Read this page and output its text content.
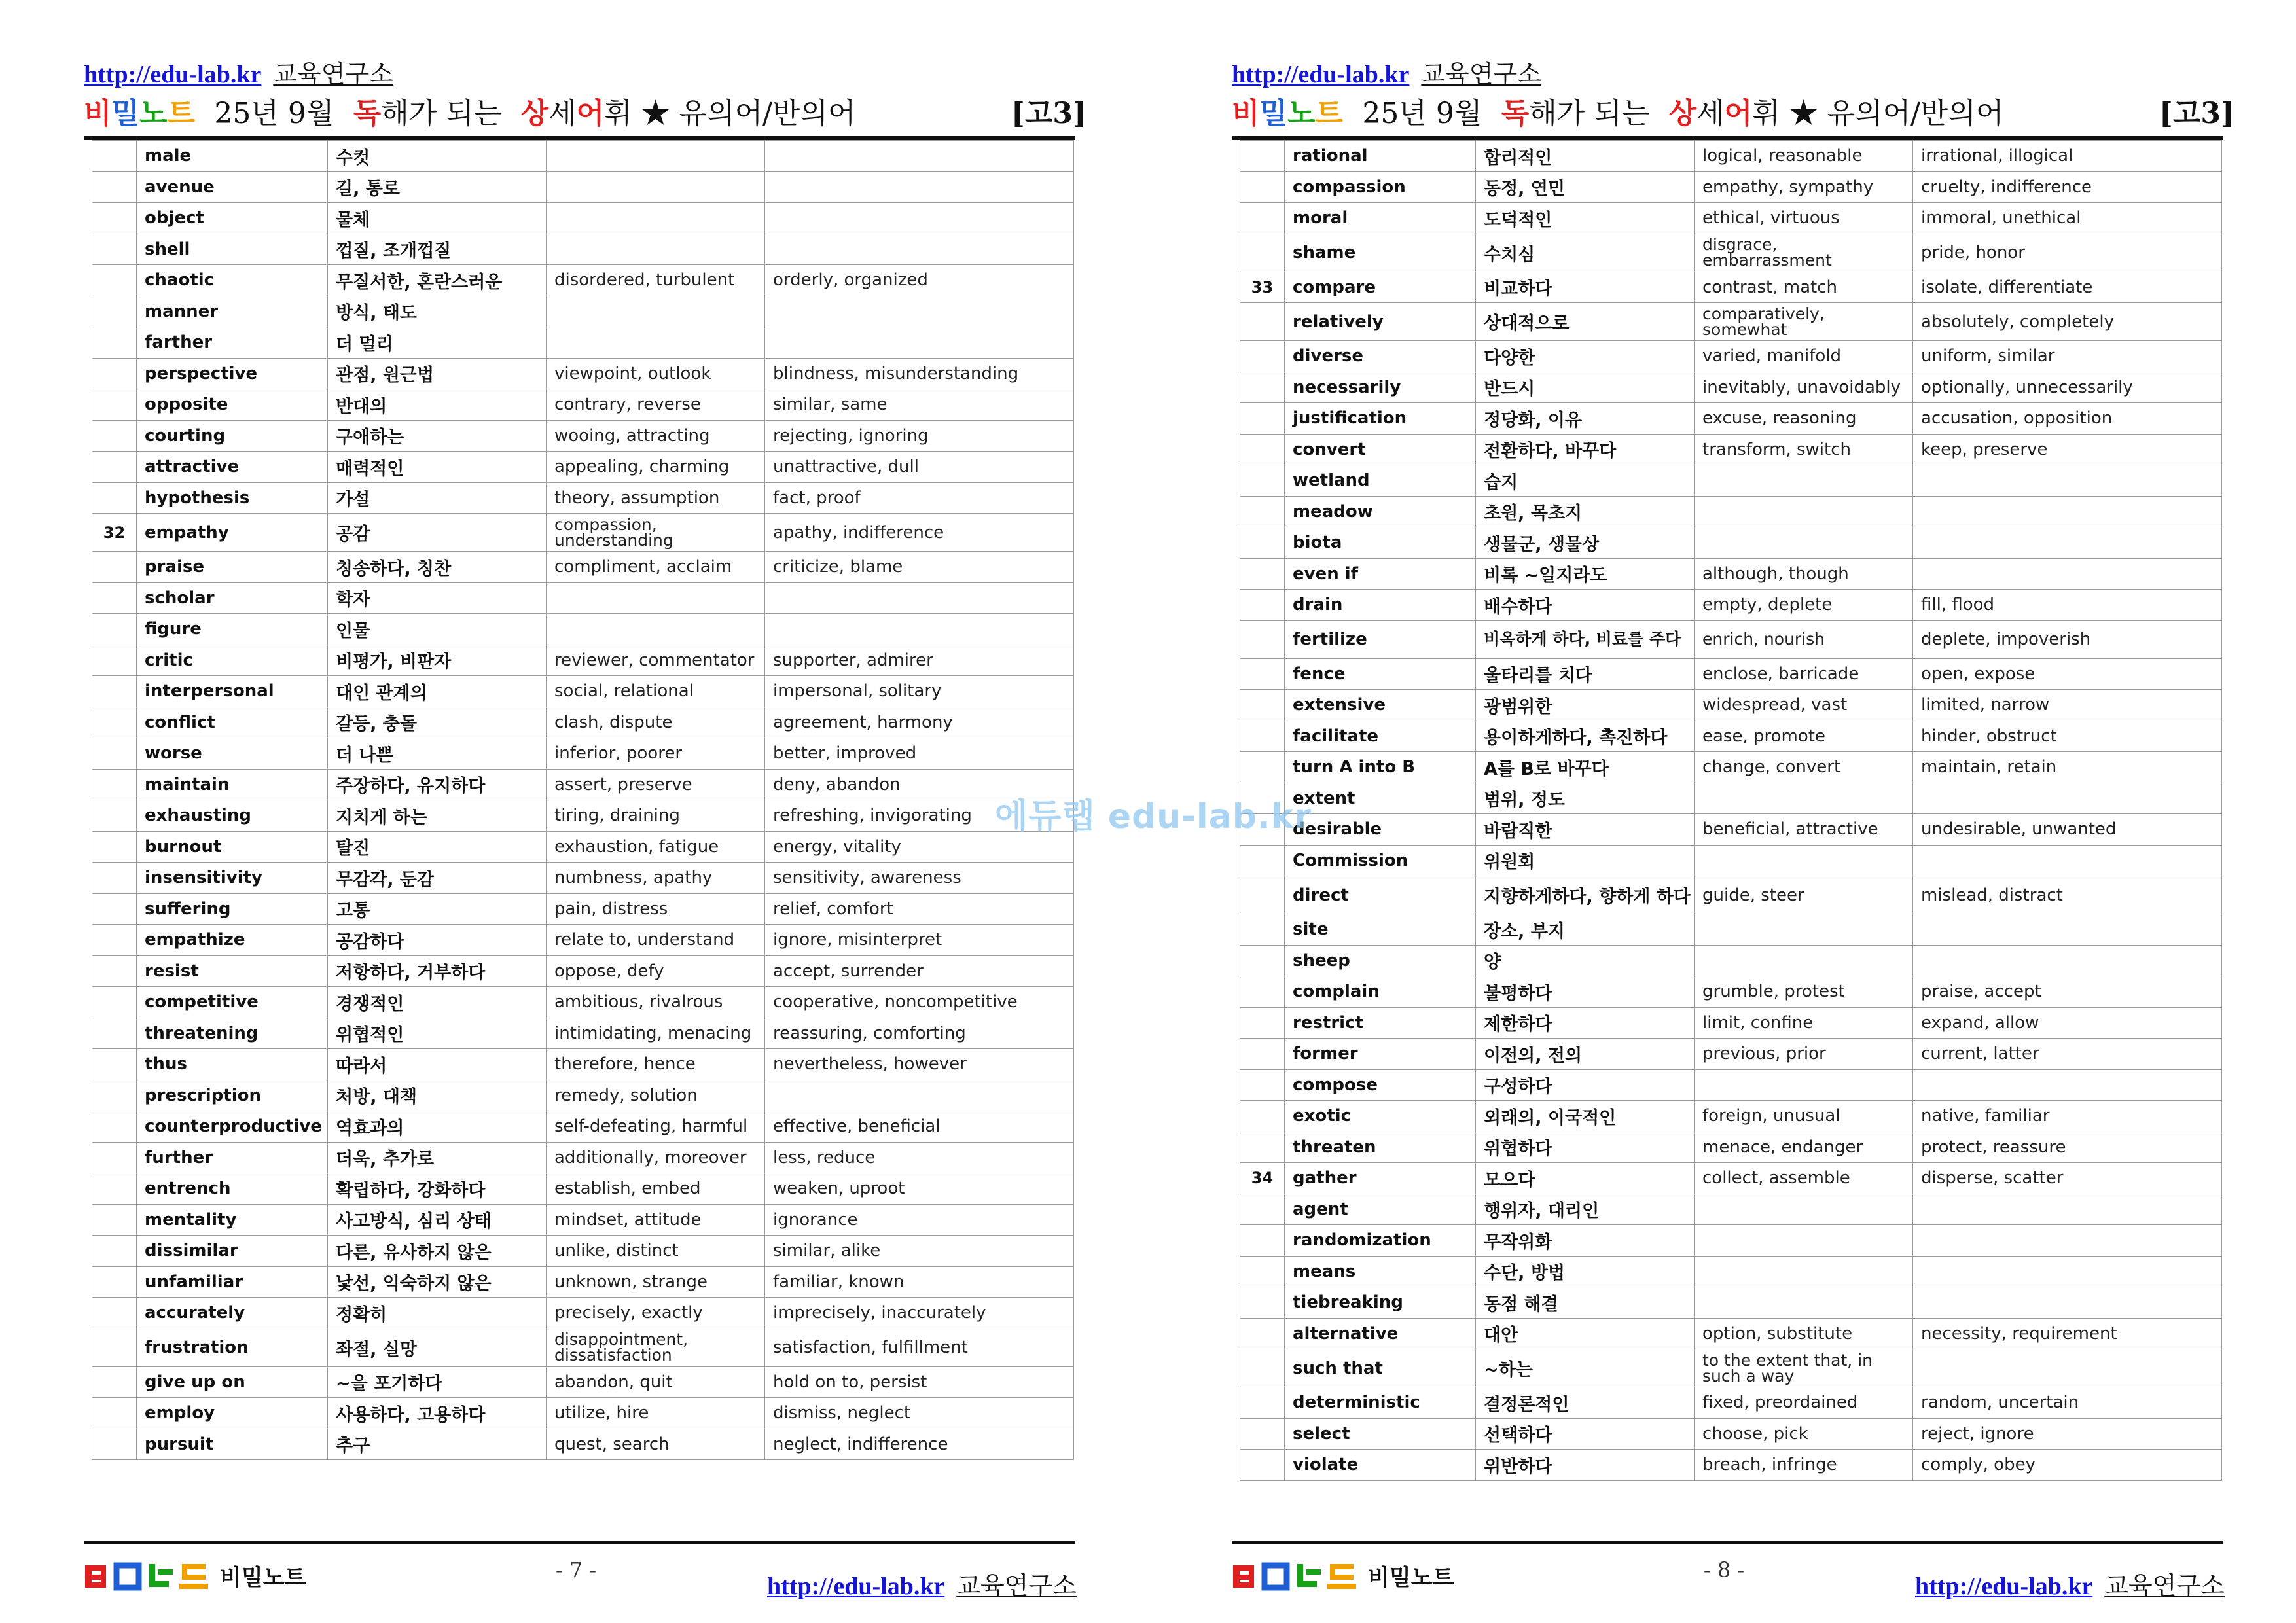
http://edu-lab.kr 교육연구소
비밀노트 25년 9월 독해가 되는 상세어휘 ★ 유의어/반의어	[고3]
	male	수컷		
	avenue	길, 통로		
	object	물체		
	shell	껍질, 조개껍질		
	chaotic	무질서한, 혼란스러운	disordered, turbulent	orderly, organized
	manner	방식, 태도		
	farther	더 멀리		
	perspective	관점, 원근법	viewpoint, outlook	blindness, misunderstanding
	opposite	반대의	contrary, reverse	similar, same
	courting	구애하는	wooing, attracting	rejecting, ignoring
	attractive	매력적인	appealing, charming	unattractive, dull
	hypothesis	가설	theory, assumption	fact, proof
32	empathy	공감	compassion, understanding	apathy, indifference
	praise	칭송하다, 칭찬	compliment, acclaim	criticize, blame
	scholar	학자		
	figure	인물		
	critic	비평가, 비판자	reviewer, commentator	supporter, admirer
	interpersonal	대인 관계의	social, relational	impersonal, solitary
	conflict	갈등, 충돌	clash, dispute	agreement, harmony
	worse	더 나쁜	inferior, poorer	better, improved
	maintain	주장하다, 유지하다	assert, preserve	deny, abandon
	exhausting	지치게 하는	tiring, draining	refreshing, invigorating
	burnout	탈진	exhaustion, fatigue	energy, vitality
	insensitivity	무감각, 둔감	numbness, apathy	sensitivity, awareness
	suffering	고통	pain, distress	relief, comfort
	empathize	공감하다	relate to, understand	ignore, misinterpret
	resist	저항하다, 거부하다	oppose, defy	accept, surrender
	competitive	경쟁적인	ambitious, rivalrous	cooperative, noncompetitive
	threatening	위협적인	intimidating, menacing	reassuring, comforting
	thus	따라서	therefore, hence	nevertheless, however
	prescription	처방, 대책	remedy, solution	
	counterproductive	역효과의	self-defeating, harmful	effective, beneficial
	further	더욱, 추가로	additionally, moreover	less, reduce
	entrench	확립하다, 강화하다	establish, embed	weaken, uproot
	mentality	사고방식, 심리 상태	mindset, attitude	ignorance
	dissimilar	다른, 유사하지 않은	unlike, distinct	similar, alike
	unfamiliar	낯선, 익숙하지 않은	unknown, strange	familiar, known
	accurately	정확히	precisely, exactly	imprecisely, inaccurately
	frustration	좌절, 실망	disappointment, dissatisfaction	satisfaction, fulfillment
	give up on	~을 포기하다	abandon, quit	hold on to, persist
	employ	사용하다, 고용하다	utilize, hire	dismiss, neglect
	pursuit	추구	quest, search	neglect, indifference
비밀노트	- 7 -
http://edu-lab.kr 교육연구소
http://edu-lab.kr 교육연구소
비밀노트 25년 9월 독해가 되는 상세어휘 ★ 유의어/반의어	[고3]
	rational	합리적인	logical, reasonable	irrational, illogical
	compassion	동정, 연민	empathy, sympathy	cruelty, indifference
	moral	도덕적인	ethical, virtuous	immoral, unethical
	shame	수치심	disgrace, embarrassment	pride, honor
33	compare	비교하다	contrast, match	isolate, differentiate
	relatively	상대적으로	comparatively, somewhat	absolutely, completely
	diverse	다양한	varied, manifold	uniform, similar
	necessarily	반드시	inevitably, unavoidably	optionally, unnecessarily
	justification	정당화, 이유	excuse, reasoning	accusation, opposition
	convert	전환하다, 바꾸다	transform, switch	keep, preserve
	wetland	습지		
	meadow	초원, 목초지		
	biota	생물군, 생물상		
	even if	비록 ~일지라도	although, though	
	drain	배수하다	empty, deplete	fill, flood
	fertilize	비옥하게 하다, 비료를 주다	enrich, nourish	deplete, impoverish
	fence	울타리를 치다	enclose, barricade	open, expose
	extensive	광범위한	widespread, vast	limited, narrow
	facilitate	용이하게하다, 촉진하다	ease, promote	hinder, obstruct
	turn A into B	A를 B로 바꾸다	change, convert	maintain, retain
	extent	범위, 정도		
	desirable	바람직한	beneficial, attractive	undesirable, unwanted
	Commission	위원회		
	direct	지향하게하다, 향하게 하다	guide, steer	mislead, distract
	site	장소, 부지		
	sheep	양		
	complain	불평하다	grumble, protest	praise, accept
	restrict	제한하다	limit, confine	expand, allow
	former	이전의, 전의	previous, prior	current, latter
	compose	구성하다		
	exotic	외래의, 이국적인	foreign, unusual	native, familiar
	threaten	위협하다	menace, endanger	protect, reassure
34	gather	모으다	collect, assemble	disperse, scatter
	agent	행위자, 대리인		
	randomization	무작위화		
	means	수단, 방법		
	tiebreaking	동점 해결		
	alternative	대안	option, substitute	necessity, requirement
	such that	~하는	to the extent that, in such a way	
	deterministic	결정론적인	fixed, preordained	random, uncertain
	select	선택하다	choose, pick	reject, ignore
	violate	위반하다	breach, infringe	comply, obey
비밀노트	- 8 -
http://edu-lab.kr 교육연구소
에듀랩 edu-lab.kr
